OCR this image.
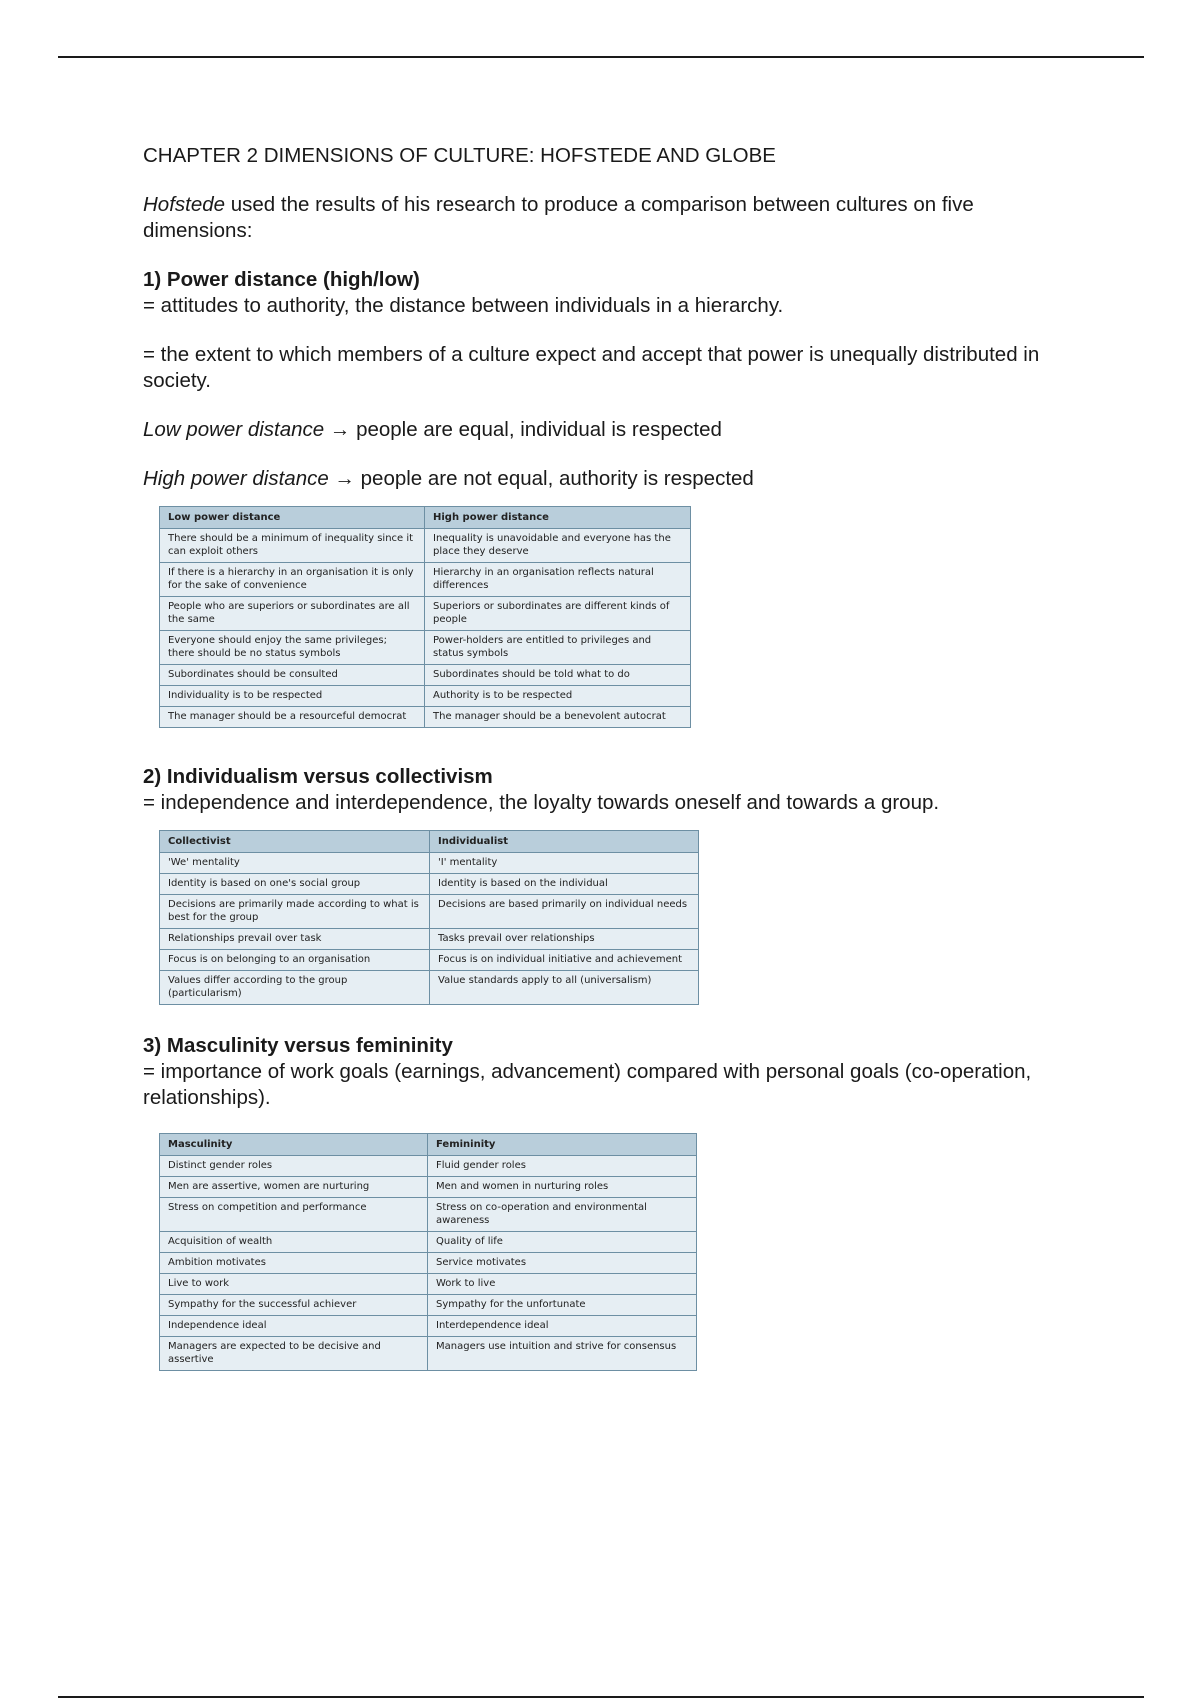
CHAPTER 2 DIMENSIONS OF CULTURE: HOFSTEDE AND GLOBE

Hofstede used the results of his research to produce a comparison between cultures on five dimensions:

1) Power distance (high/low)

= attitudes to authority, the distance between individuals in a hierarchy.

= the extent to which members of a culture expect and accept that power is unequally distributed in society.

Low power distance → people are equal, individual is respected

High power distance → people are not equal, authority is respected

Low power distance	High power distance
There should be a minimum of inequality since it can exploit others	Inequality is unavoidable and everyone has the place they deserve
If there is a hierarchy in an organisation it is only for the sake of convenience	Hierarchy in an organisation reflects natural differences
People who are superiors or subordinates are all the same	Superiors or subordinates are different kinds of people
Everyone should enjoy the same privileges; there should be no status symbols	Power-holders are entitled to privileges and status symbols
Subordinates should be consulted	Subordinates should be told what to do
Individuality is to be respected	Authority is to be respected
The manager should be a resourceful democrat	The manager should be a benevolent autocrat

2) Individualism versus collectivism

= independence and interdependence, the loyalty towards oneself and towards a group.

Collectivist	Individualist
'We' mentality	'I' mentality
Identity is based on one's social group	Identity is based on the individual
Decisions are primarily made according to what is best for the group	Decisions are based primarily on individual needs
Relationships prevail over task	Tasks prevail over relationships
Focus is on belonging to an organisation	Focus is on individual initiative and achievement
Values differ according to the group (particularism)	Value standards apply to all (universalism)

3) Masculinity versus femininity

= importance of work goals (earnings, advancement) compared with personal goals (co-operation, relationships).

Masculinity	Femininity
Distinct gender roles	Fluid gender roles
Men are assertive, women are nurturing	Men and women in nurturing roles
Stress on competition and performance	Stress on co-operation and environmental awareness
Acquisition of wealth	Quality of life
Ambition motivates	Service motivates
Live to work	Work to live
Sympathy for the successful achiever	Sympathy for the unfortunate
Independence ideal	Interdependence ideal
Managers are expected to be decisive and assertive	Managers use intuition and strive for consensus
